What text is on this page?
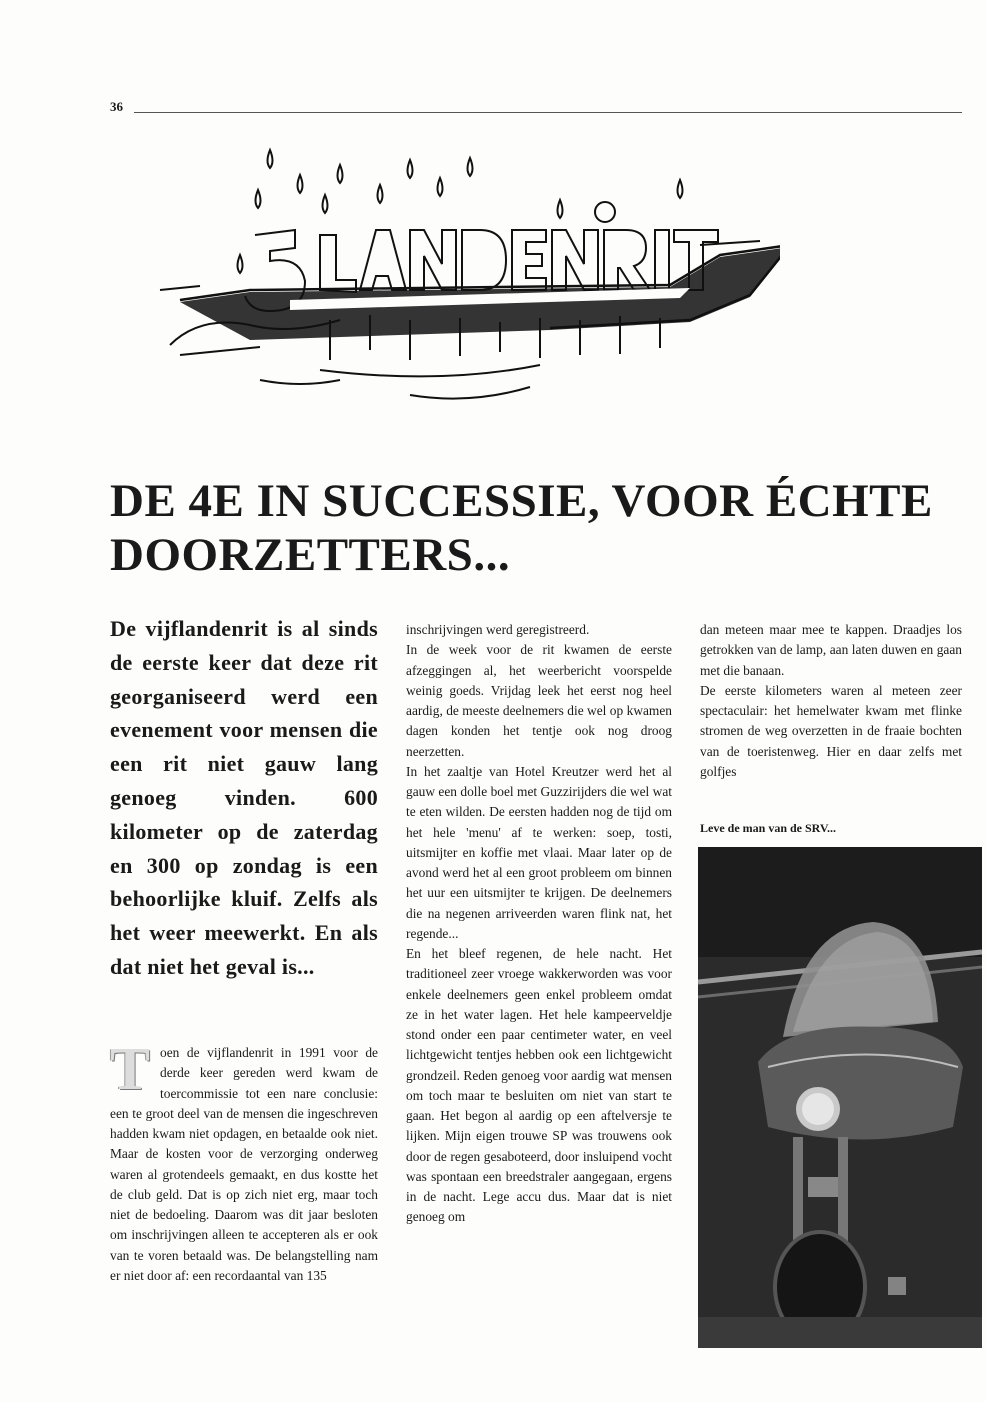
36
DE 4E IN SUCCESSIE, VOOR ÉCHTE DOORZETTERS...

De vijflandenrit is al sinds de eerste keer dat deze rit georganiseerd werd een evenement voor mensen die een rit niet gauw lang genoeg vinden. 600 kilometer op de zaterdag en 300 op zondag is een behoorlijke kluif. Zelfs als het weer meewerkt. En als dat niet het geval is...

Toen de vijflandenrit in 1991 voor de derde keer gereden werd kwam de toercommissie tot een nare conclusie: een te groot deel van de mensen die ingeschreven hadden kwam niet opdagen, en betaalde ook niet. Maar de kosten voor de verzorging onderweg waren al grotendeels gemaakt, en dus kostte het de club geld. Dat is op zich niet erg, maar toch niet de bedoeling. Daarom was dit jaar besloten om inschrijvingen alleen te accepteren als er ook van te voren betaald was. De belangstelling nam er niet door af: een recordaantal van 135

inschrijvingen werd geregistreerd.

In de week voor de rit kwamen de eerste afzeggingen al, het weerbericht voorspelde weinig goeds. Vrijdag leek het eerst nog heel aardig, de meeste deelnemers die wel op kwamen dagen konden het tentje ook nog droog neerzetten.

In het zaaltje van Hotel Kreutzer werd het al gauw een dolle boel met Guzzirijders die wel wat te eten wilden. De eersten hadden nog de tijd om het hele 'menu' af te werken: soep, tosti, uitsmijter en koffie met vlaai. Maar later op de avond werd het al een groot probleem om binnen het uur een uitsmijter te krijgen. De deelnemers die na negenen arriveerden waren flink nat, het regende...

En het bleef regenen, de hele nacht. Het traditioneel zeer vroege wakkerworden was voor enkele deelnemers geen enkel probleem omdat ze in het water lagen. Het hele kampeerveldje stond onder een paar centimeter water, en veel lichtgewicht tentjes hebben ook een lichtgewicht grondzeil. Reden genoeg voor aardig wat mensen om toch maar te besluiten om niet van start te gaan. Het begon al aardig op een aftelversje te lijken. Mijn eigen trouwe SP was trouwens ook door de regen gesaboteerd, door insluipend vocht was spontaan een breedstraler aangegaan, ergens in de nacht. Lege accu dus. Maar dat is niet genoeg om

dan meteen maar mee te kappen. Draadjes los getrokken van de lamp, aan laten duwen en gaan met die banaan.

De eerste kilometers waren al meteen zeer spectaculair: het hemelwater kwam met flinke stromen de weg overzetten in de fraaie bochten van de toeristenweg. Hier en daar zelfs met golfjes

Leve de man van de SRV...
